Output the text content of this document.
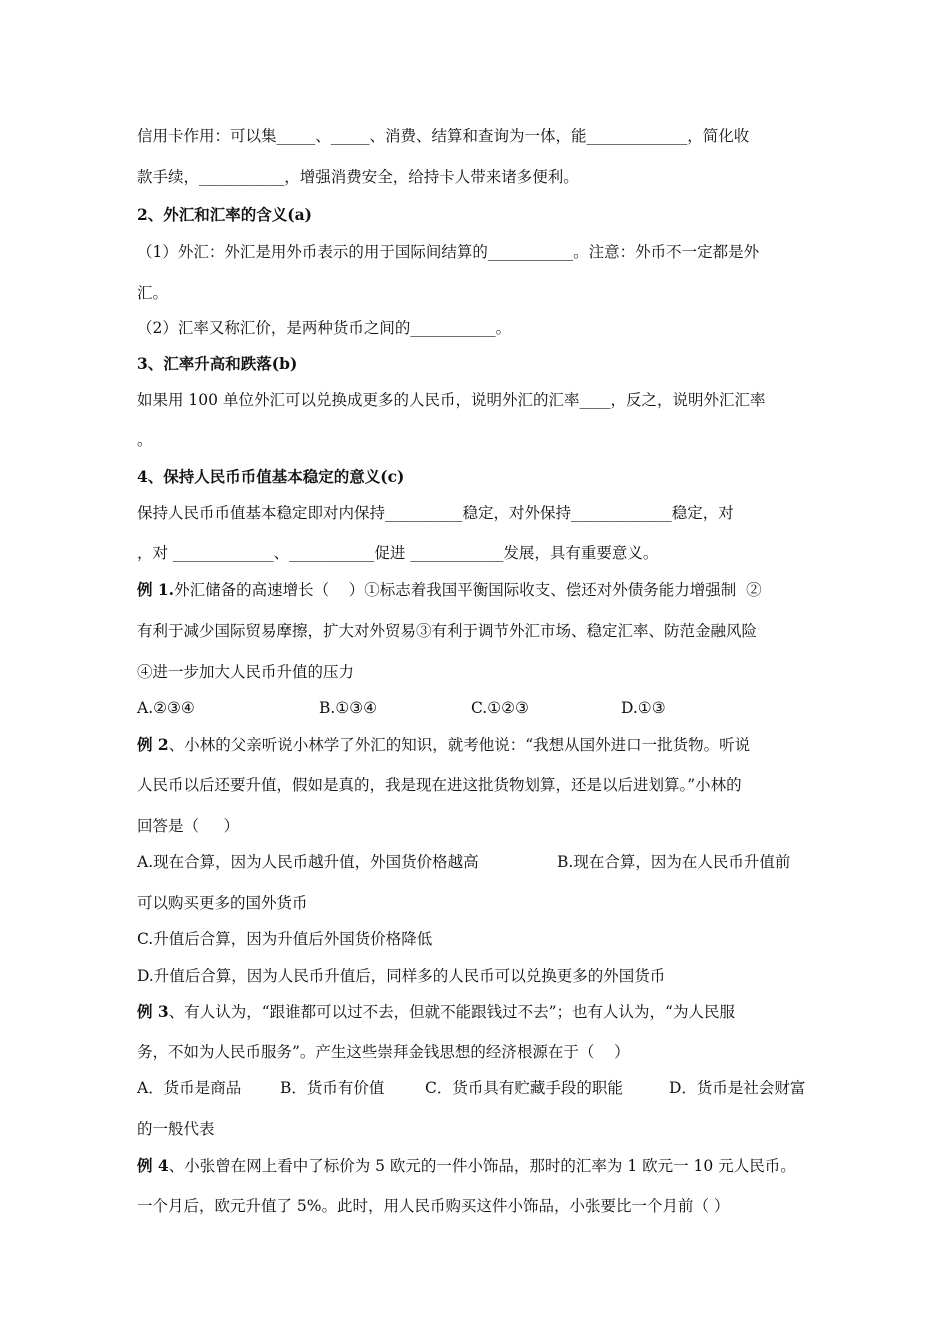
信用卡作用：可以集_____、_____、消费、结算和查询为一体，能_____________，简化收
款手续，___________，增强消费安全，给持卡人带来诸多便利。
2、外汇和汇率的含义(a)
（1）外汇：外汇是用外币表示的用于国际间结算的___________。注意：外币不一定都是外
汇。
（2）汇率又称汇价，是两种货币之间的___________。
3、汇率升高和跌落(b)
如果用 100 单位外汇可以兑换成更多的人民币，说明外汇的汇率____，反之，说明外汇汇率
。
4、保持人民币币值基本稳定的意义(c)
保持人民币币值基本稳定即对内保持__________稳定，对外保持_____________稳定，对
，对 _____________、___________促进 ____________发展，具有重要意义。
例 1.外汇储备的高速增长（    ）①标志着我国平衡国际收支、偿还对外债务能力增强制  ②
有利于减少国际贸易摩擦，扩大对外贸易③有利于调节外汇市场、稳定汇率、防范金融风险
④进一步加大人民币升值的压力
A.②③④	B.①③④	C.①②③	D.①③
例 2、小林的父亲听说小林学了外汇的知识，就考他说：“我想从国外进口一批货物。听说
人民币以后还要升值，假如是真的，我是现在进这批货物划算，还是以后进划算。”小林的
回答是（     ）
A.现在合算，因为人民币越升值，外国货价格越高	B.现在合算，因为在人民币升值前
可以购买更多的国外货币
C.升值后合算，因为升值后外国货价格降低
D.升值后合算，因为人民币升值后，同样多的人民币可以兑换更多的外国货币
例 3、有人认为，“跟谁都可以过不去，但就不能跟钱过不去”；也有人认为，“为人民服
务，不如为人民币服务”。产生这些崇拜金钱思想的经济根源在于（    ）
A．货币是商品	B．货币有价值	C．货币具有贮藏手段的职能	D．货币是社会财富
的一般代表
例 4、小张曾在网上看中了标价为 5 欧元的一件小饰品，那时的汇率为 1 欧元一 10 元人民币。
一个月后，欧元升值了 5%。此时，用人民币购买这件小饰品，小张要比一个月前（ ）
